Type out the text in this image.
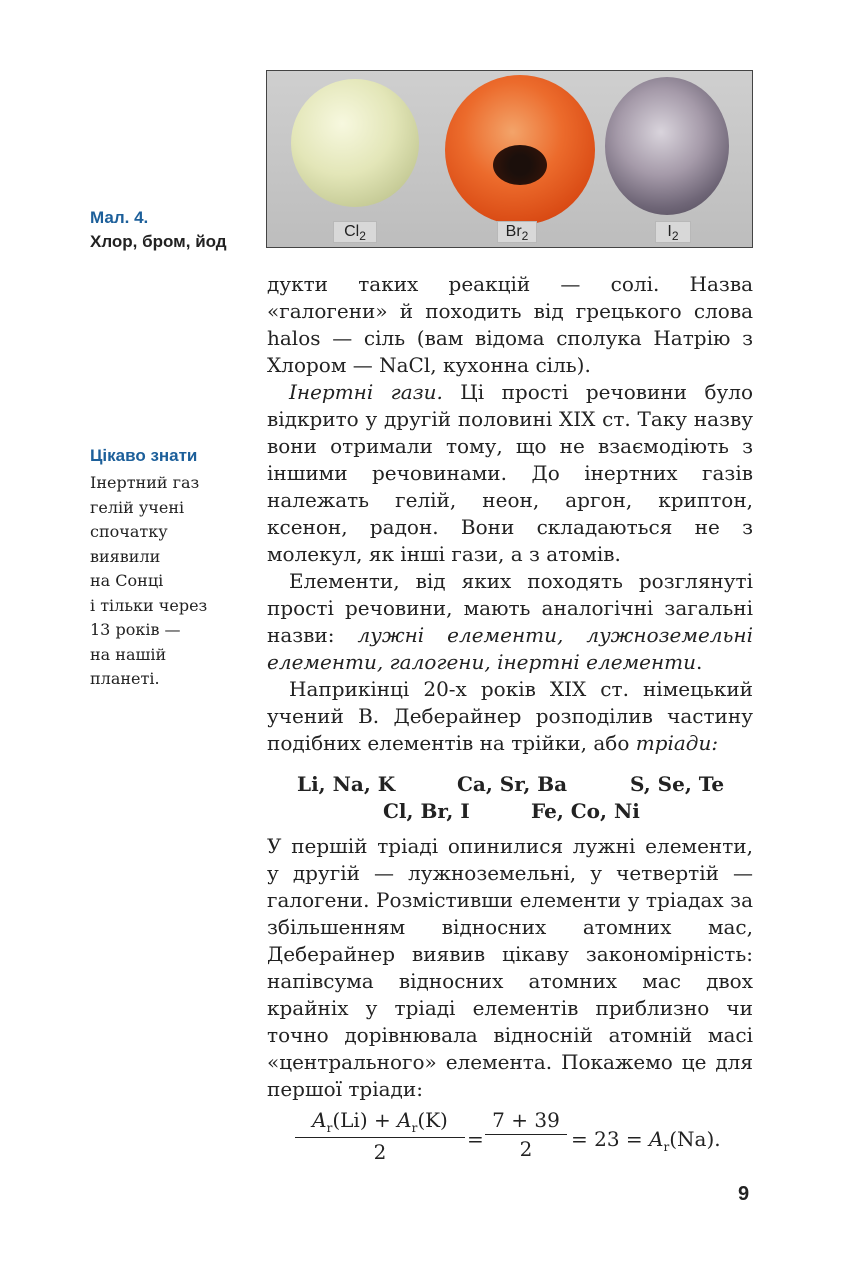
$Cl_2$	$Br_2$	$I_2$
Мал. 4.
Хлор, бром, йод
Цікаво знати
Інертний газ
гелій учені
спочатку
виявили
на Сонці
і тільки через
13 років —
на нашій
планеті.

дукти таких реакцій — солі. Назва «галогени» й походить від грецького слова halos — сіль (вам відома сполука Натрію з Хлором — NaCl, кухонна сіль).

Інертні гази. Ці прості речовини було відкрито у другій половині XIX ст. Таку назву вони отримали тому, що не взаємодіють з іншими речовинами. До інертних газів належать гелій, неон, аргон, криптон, ксенон, радон. Вони складаються не з молекул, як інші гази, а з атомів.

Елементи, від яких походять розглянуті прості речовини, мають аналогічні загальні назви: лужні елементи, лужноземельні елементи, галогени, інертні елементи.

Наприкінці 20-х років XIX ст. німецький учений В. Деберайнер розподілив частину подібних елементів на трійки, або тріади:

Li, Na, K	Ca, Sr, Ba	S, Se, Te
Cl, Br, I	Fe, Co, Ni

У першій тріаді опинилися лужні елементи, у другій — лужноземельні, у четвертій — галогени. Розмістивши елементи у тріадах за збільшенням відносних атомних мас, Деберайнер виявив цікаву закономірність: напівсума відносних атомних мас двох крайніх у тріаді елементів приблизно чи точно дорівнювала відносній атомній масі «центрального» елемента. Покажемо це для першої тріади:

$A_r(Li) + A_r(K)$
2
=
7 + 39
2	= $23 = A_r(Na)$.
9
